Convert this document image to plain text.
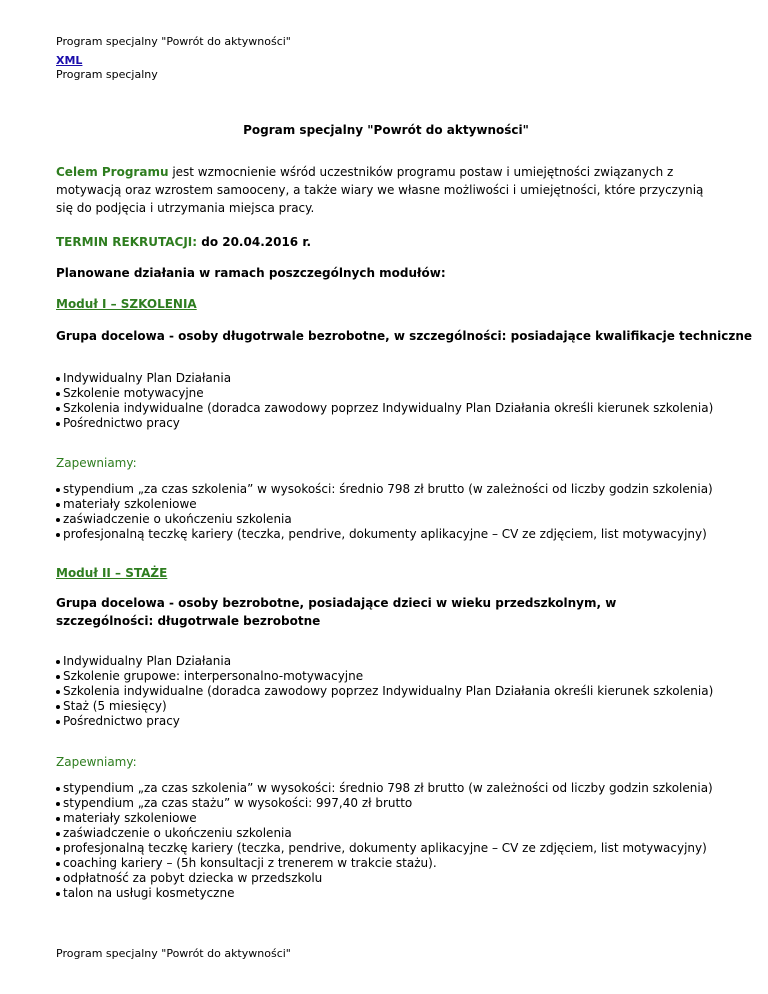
Program specjalny "Powrót do aktywności"
XML
Program specjalny
Pogram specjalny "Powrót do aktywności"
Celem Programu jest wzmocnienie wśród uczestników programu postaw i umiejętności związanych z motywacją oraz wzrostem samooceny, a także wiary we własne możliwości i umiejętności, które przyczynią się do podjęcia i utrzymania miejsca pracy.
TERMIN REKRUTACJI: do 20.04.2016 r.
Planowane działania w ramach poszczególnych modułów:
Moduł I – SZKOLENIA
Grupa docelowa - osoby długotrwale bezrobotne, w szczególności: posiadające kwalifikacje techniczne
Indywidualny Plan Działania
Szkolenie motywacyjne
Szkolenia indywidualne (doradca zawodowy poprzez Indywidualny Plan Działania określi kierunek szkolenia)
Pośrednictwo pracy
Zapewniamy:
stypendium „za czas szkolenia” w wysokości: średnio 798 zł brutto (w zależności od liczby godzin szkolenia)
materiały szkoleniowe
zaświadczenie o ukończeniu szkolenia
profesjonalną teczkę kariery (teczka, pendrive, dokumenty aplikacyjne – CV ze zdjęciem, list motywacyjny)
Moduł II – STAŻE
Grupa docelowa - osoby bezrobotne, posiadające dzieci w wieku przedszkolnym, w szczególności: długotrwale bezrobotne
Indywidualny Plan Działania
Szkolenie grupowe: interpersonalno-motywacyjne
Szkolenia indywidualne (doradca zawodowy poprzez Indywidualny Plan Działania określi kierunek szkolenia)
Staż (5 miesięcy)
Pośrednictwo pracy
Zapewniamy:
stypendium „za czas szkolenia” w wysokości: średnio 798 zł brutto (w zależności od liczby godzin szkolenia)
stypendium „za czas stażu” w wysokości: 997,40 zł brutto
materiały szkoleniowe
zaświadczenie o ukończeniu szkolenia
profesjonalną teczkę kariery (teczka, pendrive, dokumenty aplikacyjne – CV ze zdjęciem, list motywacyjny)
coaching kariery – (5h konsultacji z trenerem w trakcie stażu).
odpłatność za pobyt dziecka w przedszkolu
talon na usługi kosmetyczne
Program specjalny "Powrót do aktywności"
